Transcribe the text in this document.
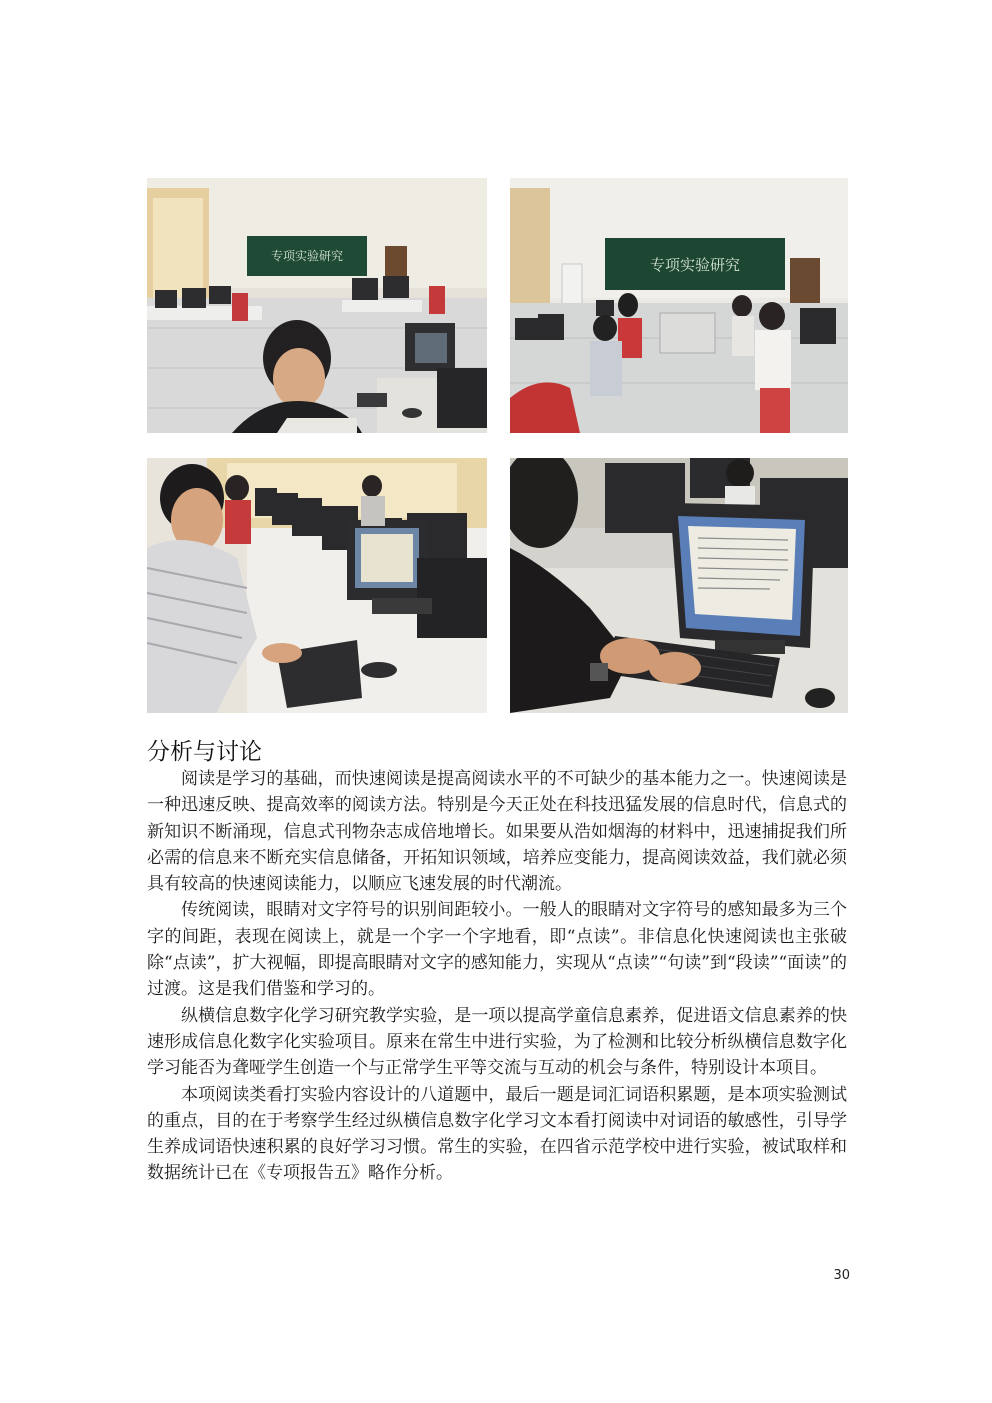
专项实验研究	专项实验研究
分析与讨论

阅读是学习的基础，而快速阅读是提高阅读水平的不可缺少的基本能力之一。快速阅读是一种迅速反映、提高效率的阅读方法。特别是今天正处在科技迅猛发展的信息时代，信息式的新知识不断涌现，信息式刊物杂志成倍地增长。如果要从浩如烟海的材料中，迅速捕捉我们所必需的信息来不断充实信息储备，开拓知识领域，培养应变能力，提高阅读效益，我们就必须具有较高的快速阅读能力，以顺应飞速发展的时代潮流。

传统阅读，眼睛对文字符号的识别间距较小。一般人的眼睛对文字符号的感知最多为三个字的间距，表现在阅读上，就是一个字一个字地看，即“点读”。非信息化快速阅读也主张破除“点读”，扩大视幅，即提高眼睛对文字的感知能力，实现从“点读”“句读”到“段读”“面读”的过渡。这是我们借鉴和学习的。

纵横信息数字化学习研究教学实验，是一项以提高学童信息素养，促进语文信息素养的快速形成信息化数字化实验项目。原来在常生中进行实验，为了检测和比较分析纵横信息数字化学习能否为聋哑学生创造一个与正常学生平等交流与互动的机会与条件，特别设计本项目。

本项阅读类看打实验内容设计的八道题中，最后一题是词汇词语积累题，是本项实验测试的重点，目的在于考察学生经过纵横信息数字化学习文本看打阅读中对词语的敏感性，引导学生养成词语快速积累的良好学习习惯。常生的实验，在四省示范学校中进行实验，被试取样和数据统计已在《专项报告五》略作分析。

30
